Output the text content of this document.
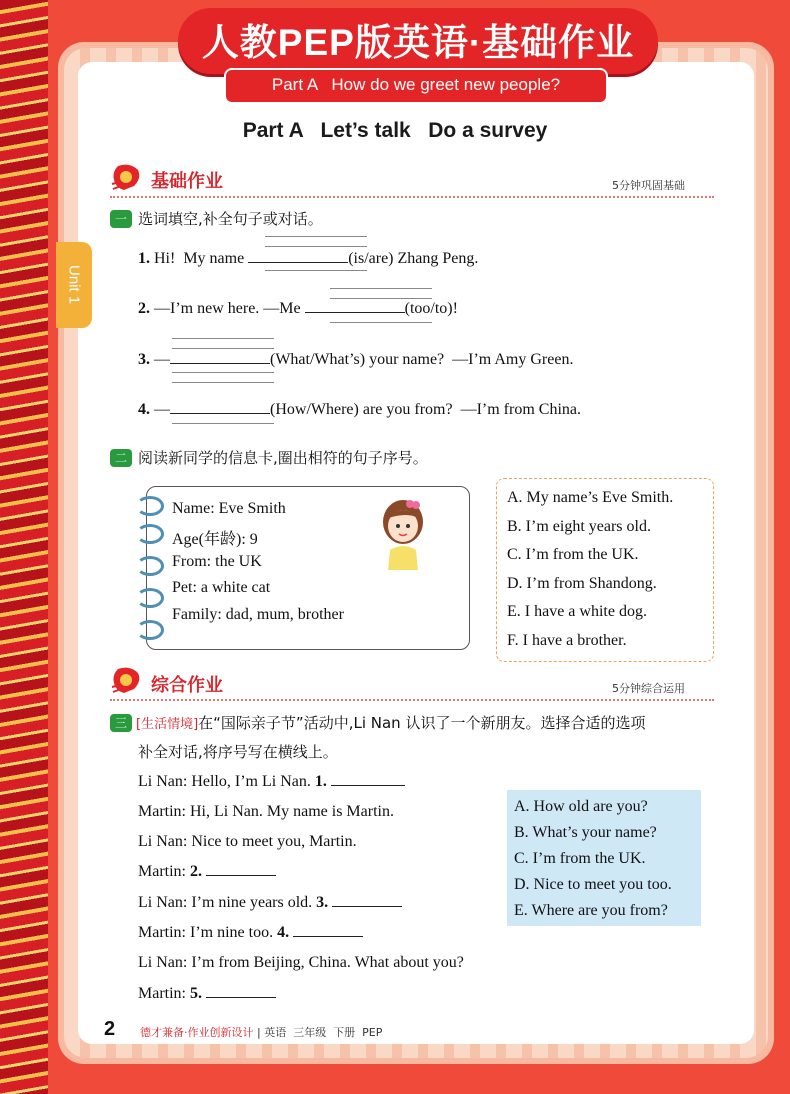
人教PEP版英语·基础作业
Part A   How do we greet new people?
Unit 1
Part A   Let’s talk   Do a survey
基础作业	5分钟巩固基础
一 选词填空,补全句子或对话。
1. Hi!  My name	(is/are) Zhang Peng.
2. —I’m new here. —Me	(too/to)!
3. —	(What/What’s) your name?  —I’m Amy Green.
4. —	(How/Where) are you from?  —I’m from China.
二 阅读新同学的信息卡,圈出相符的句子序号。
Name: Eve Smith
Age(年龄): 9
From: the UK
Pet: a white cat
Family: dad, mum, brother
A. My name’s Eve Smith.
B. I’m eight years old.
C. I’m from the UK.
D. I’m from Shandong.
E. I have a white dog.
F. I have a brother.
综合作业	5分钟综合运用
三 [生活情境]在“国际亲子节”活动中,Li Nan 认识了一个新朋友。选择合适的选项
补全对话,将序号写在横线上。
Li Nan: Hello, I’m Li Nan. 1.
Martin: Hi, Li Nan. My name is Martin.
Li Nan: Nice to meet you, Martin.
Martin: 2.
Li Nan: I’m nine years old. 3.
Martin: I’m nine too. 4.
Li Nan: I’m from Beijing, China. What about you?
Martin: 5.
A. How old are you?
B. What’s your name?
C. I’m from the UK.
D. Nice to meet you too.
E. Where are you from?
2 德才兼备·作业创新设计 | 英语  三年级  下册  PEP
